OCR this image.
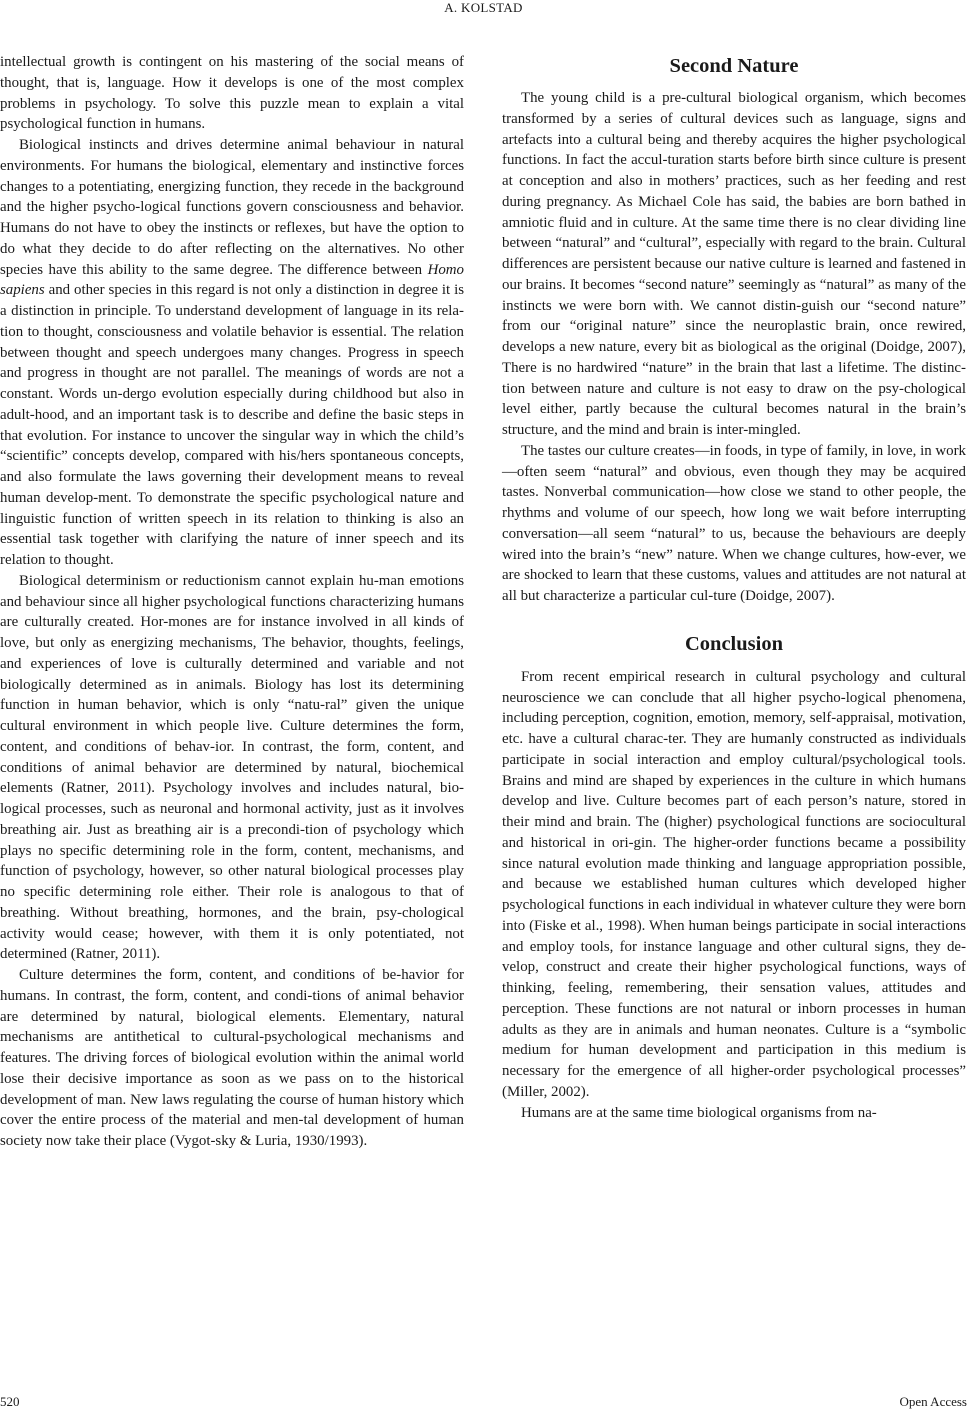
A. KOLSTAD

intellectual growth is contingent on his mastering of the social means of thought, that is, language. How it develops is one of the most complex problems in psychology. To solve this puzzle mean to explain a vital psychological function in humans.

Biological instincts and drives determine animal behaviour in natural environments. For humans the biological, elementary and instinctive forces changes to a potentiating, energizing function, they recede in the background and the higher psycho-logical functions govern consciousness and behavior. Humans do not have to obey the instincts or reflexes, but have the option to do what they decide to do after reflecting on the alternatives. No other species have this ability to the same degree. The difference between Homo sapiens and other species in this regard is not only a distinction in degree it is a distinction in principle. To understand development of language in its rela-tion to thought, consciousness and volatile behavior is essential. The relation between thought and speech undergoes many changes. Progress in speech and progress in thought are not parallel. The meanings of words are not a constant. Words un-dergo evolution especially during childhood but also in adult-hood, and an important task is to describe and define the basic steps in that evolution. For instance to uncover the singular way in which the child’s “scientific” concepts develop, compared with his/hers spontaneous concepts, and also formulate the laws governing their development means to reveal human develop-ment. To demonstrate the specific psychological nature and linguistic function of written speech in its relation to thinking is also an essential task together with clarifying the nature of inner speech and its relation to thought.

Biological determinism or reductionism cannot explain hu-man emotions and behaviour since all higher psychological functions characterizing humans are culturally created. Hor-mones are for instance involved in all kinds of love, but only as energizing mechanisms, The behavior, thoughts, feelings, and experiences of love is culturally determined and variable and not biologically determined as in animals. Biology has lost its determining function in human behavior, which is only “natu-ral” given the unique cultural environment in which people live. Culture determines the form, content, and conditions of behav-ior. In contrast, the form, content, and conditions of animal behavior are determined by natural, biochemical elements (Ratner, 2011). Psychology involves and includes natural, bio-logical processes, such as neuronal and hormonal activity, just as it involves breathing air. Just as breathing air is a precondi-tion of psychology which plays no specific determining role in the form, content, mechanisms, and function of psychology, however, so other natural biological processes play no specific determining role either. Their role is analogous to that of breathing. Without breathing, hormones, and the brain, psy-chological activity would cease; however, with them it is only potentiated, not determined (Ratner, 2011).

Culture determines the form, content, and conditions of be-havior for humans. In contrast, the form, content, and condi-tions of animal behavior are determined by natural, biological elements. Elementary, natural mechanisms are antithetical to cultural-psychological mechanisms and features. The driving forces of biological evolution within the animal world lose their decisive importance as soon as we pass on to the historical development of man. New laws regulating the course of human history which cover the entire process of the material and men-tal development of human society now take their place (Vygot-sky & Luria, 1930/1993).

Second Nature

The young child is a pre-cultural biological organism, which becomes transformed by a series of cultural devices such as language, signs and artefacts into a cultural being and thereby acquires the higher psychological functions. In fact the accul-turation starts before birth since culture is present at conception and also in mothers’ practices, such as her feeding and rest during pregnancy. As Michael Cole has said, the babies are born bathed in amniotic fluid and in culture. At the same time there is no clear dividing line between “natural” and “cultural”, especially with regard to the brain. Cultural differences are persistent because our native culture is learned and fastened in our brains. It becomes “second nature” seemingly as “natural” as many of the instincts we were born with. We cannot distin-guish our “second nature” from our “original nature” since the neuroplastic brain, once rewired, develops a new nature, every bit as biological as the original (Doidge, 2007), There is no hardwired “nature” in the brain that last a lifetime. The distinc-tion between nature and culture is not easy to draw on the psy-chological level either, partly because the cultural becomes natural in the brain’s structure, and the mind and brain is inter-mingled.

The tastes our culture creates—in foods, in type of family, in love, in work—often seem “natural” and obvious, even though they may be acquired tastes. Nonverbal communication—how close we stand to other people, the rhythms and volume of our speech, how long we wait before interrupting conversation—all seem “natural” to us, because the behaviours are deeply wired into the brain’s “new” nature. When we change cultures, how-ever, we are shocked to learn that these customs, values and attitudes are not natural at all but characterize a particular cul-ture (Doidge, 2007).

Conclusion

From recent empirical research in cultural psychology and cultural neuroscience we can conclude that all higher psycho-logical phenomena, including perception, cognition, emotion, memory, self-appraisal, motivation, etc. have a cultural charac-ter. They are humanly constructed as individuals participate in social interaction and employ cultural/psychological tools. Brains and mind are shaped by experiences in the culture in which humans develop and live. Culture becomes part of each person’s nature, stored in their mind and brain. The (higher) psychological functions are sociocultural and historical in ori-gin. The higher-order functions became a possibility since natural evolution made thinking and language appropriation possible, and because we established human cultures which developed higher psychological functions in each individual in whatever culture they were born into (Fiske et al., 1998). When human beings participate in social interactions and employ tools, for instance language and other cultural signs, they de-velop, construct and create their higher psychological functions, ways of thinking, feeling, remembering, their sensation values, attitudes and perception. These functions are not natural or inborn processes in human adults as they are in animals and human neonates. Culture is a “symbolic medium for human development and participation in this medium is necessary for the emergence of all higher-order psychological processes” (Miller, 2002).

Humans are at the same time biological organisms from na-

520	Open Access
